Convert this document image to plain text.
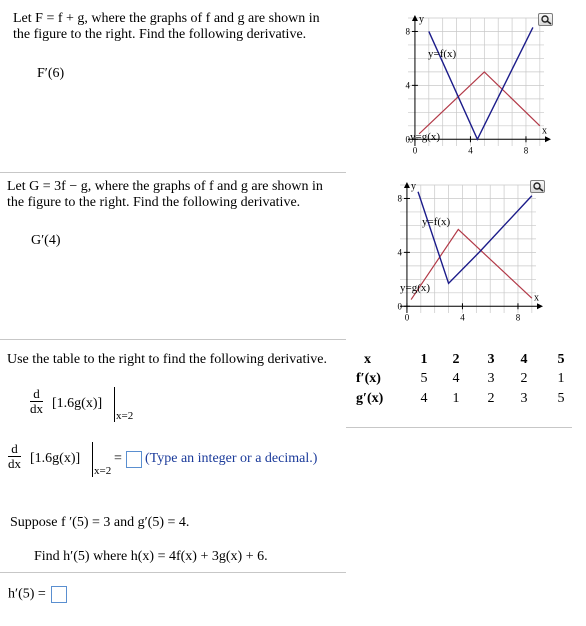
Let F = f + g, where the graphs of f and g are shown in
the figure to the right. Find the following derivative.
F′(6)
8
4
0
0	4	8
y
x
y=f(x)
y=g(x)
Let G = 3f − g, where the graphs of f and g are shown in
the figure to the right. Find the following derivative.
G′(4)
8
4
0
0	4	8
y
x
y=f(x)
y=g(x)
Use the table to the right to find the following derivative.
$\frac{d}{dx} [1.6g(x)]$
x=2
x	1	2	3	4	5
f′(x)	5	4	3	2	1
g′(x)	4	1	2	3	5
$\frac{d}{dx} [1.6g(x)]$
x=2
= (Type an integer or a decimal.)
Suppose f ′(5) = 3 and g′(5) = 4.
Find h′(5) where h(x) = 4f(x) + 3g(x) + 6.
h′(5) =
